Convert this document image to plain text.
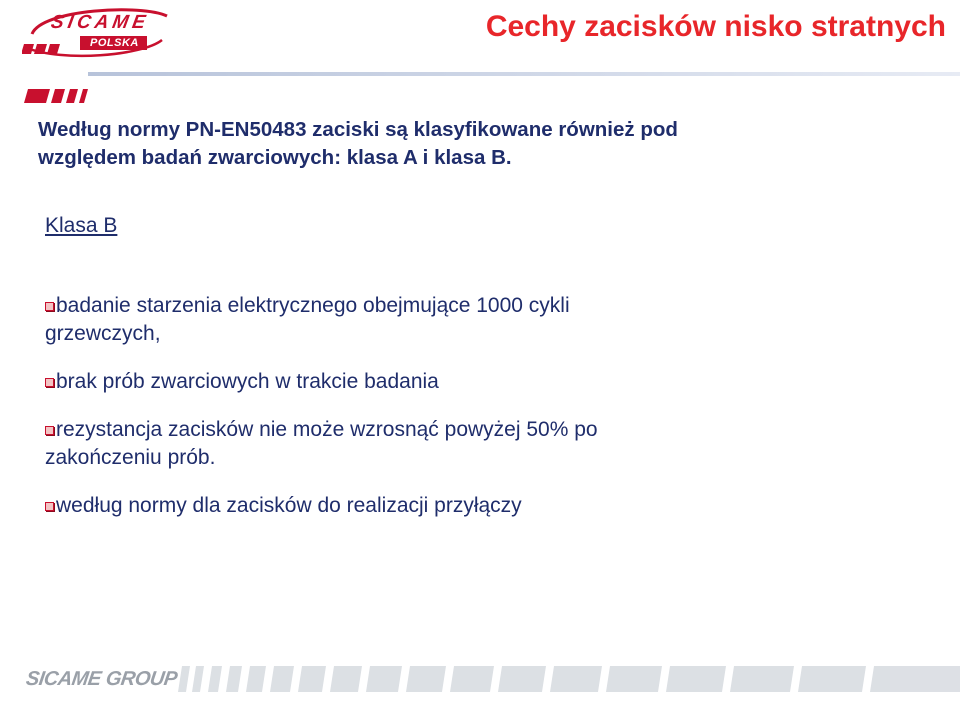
SICAME
POLSKA	Cechy zacisków nisko stratnych
Według normy PN-EN50483 zaciski są klasyfikowane również pod
względem badań zwarciowych: klasa A i klasa B.
Klasa B
badanie starzenia elektrycznego obejmujące 1000 cykli
grzewczych,
brak prób zwarciowych w trakcie badania
rezystancja zacisków nie może wzrosnąć powyżej 50% po
zakończeniu prób.
według normy dla zacisków do realizacji przyłączy
SICAME GROUP
